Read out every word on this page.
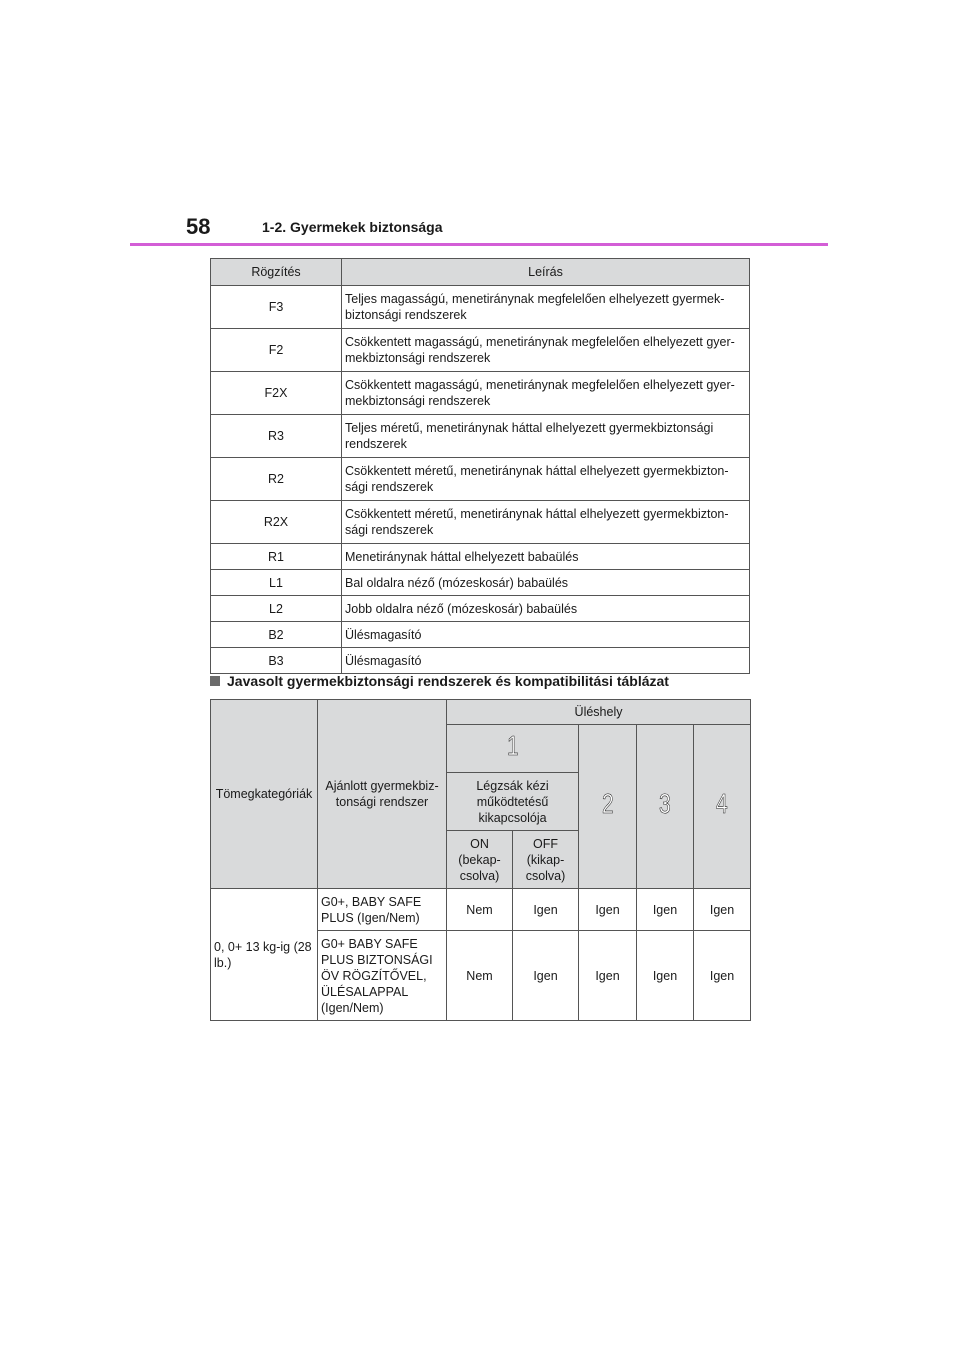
58	1-2. Gyermekek biztonsága
Rögzítés	Leírás
F3	Teljes magasságú, menetiránynak megfelelően elhelyezett gyermek-biztonsági rendszerek
F2	Csökkentett magasságú, menetiránynak megfelelően elhelyezett gyer-mekbiztonsági rendszerek
F2X	Csökkentett magasságú, menetiránynak megfelelően elhelyezett gyer-mekbiztonsági rendszerek
R3	Teljes méretű, menetiránynak háttal elhelyezett gyermekbiztonsági rendszerek
R2	Csökkentett méretű, menetiránynak háttal elhelyezett gyermekbizton-sági rendszerek
R2X	Csökkentett méretű, menetiránynak háttal elhelyezett gyermekbizton-sági rendszerek
R1	Menetiránynak háttal elhelyezett babaülés
L1	Bal oldalra néző (mózeskosár) babaülés
L2	Jobb oldalra néző (mózeskosár) babaülés
B2	Ülésmagasító
B3	Ülésmagasító
Javasolt gyermekbiztonsági rendszerek és kompatibilitási táblázat
Tömegkategóriák	Ajánlott gyermekbiz-tonsági rendszer	Üléshely				
		1		2	3	4
		Légzsák kézi működtetésű kikapcsolója				
		ON (bekap-csolva)	OFF (kikap-csolva)			
0, 0+ 13 kg-ig (28 lb.)	G0+, BABY SAFE PLUS (Igen/Nem)	Nem	Igen	Igen	Igen	Igen
	G0+ BABY SAFE PLUS BIZTONSÁGI ÖV RÖGZÍTŐVEL, ÜLÉSALAPPAL (Igen/Nem)	Nem	Igen	Igen	Igen	Igen
